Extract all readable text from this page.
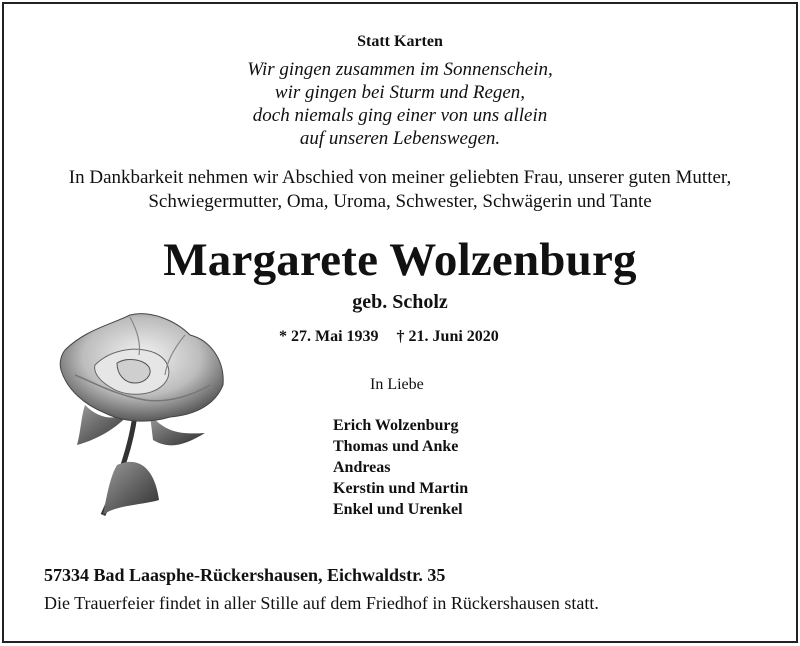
Statt Karten
Wir gingen zusammen im Sonnenschein,
wir gingen bei Sturm und Regen,
doch niemals ging einer von uns allein
auf unseren Lebenswegen.
In Dankbarkeit nehmen wir Abschied von meiner geliebten Frau, unserer guten Mutter,
Schwiegermutter, Oma, Uroma, Schwester, Schwägerin und Tante
Margarete Wolzenburg
geb. Scholz
* 27. Mai 1939 † 21. Juni 2020
In Liebe
Erich Wolzenburg
Thomas und Anke
Andreas
Kerstin und Martin
Enkel und Urenkel
57334 Bad Laasphe-Rückershausen, Eichwaldstr. 35
Die Trauerfeier findet in aller Stille auf dem Friedhof in Rückershausen statt.
